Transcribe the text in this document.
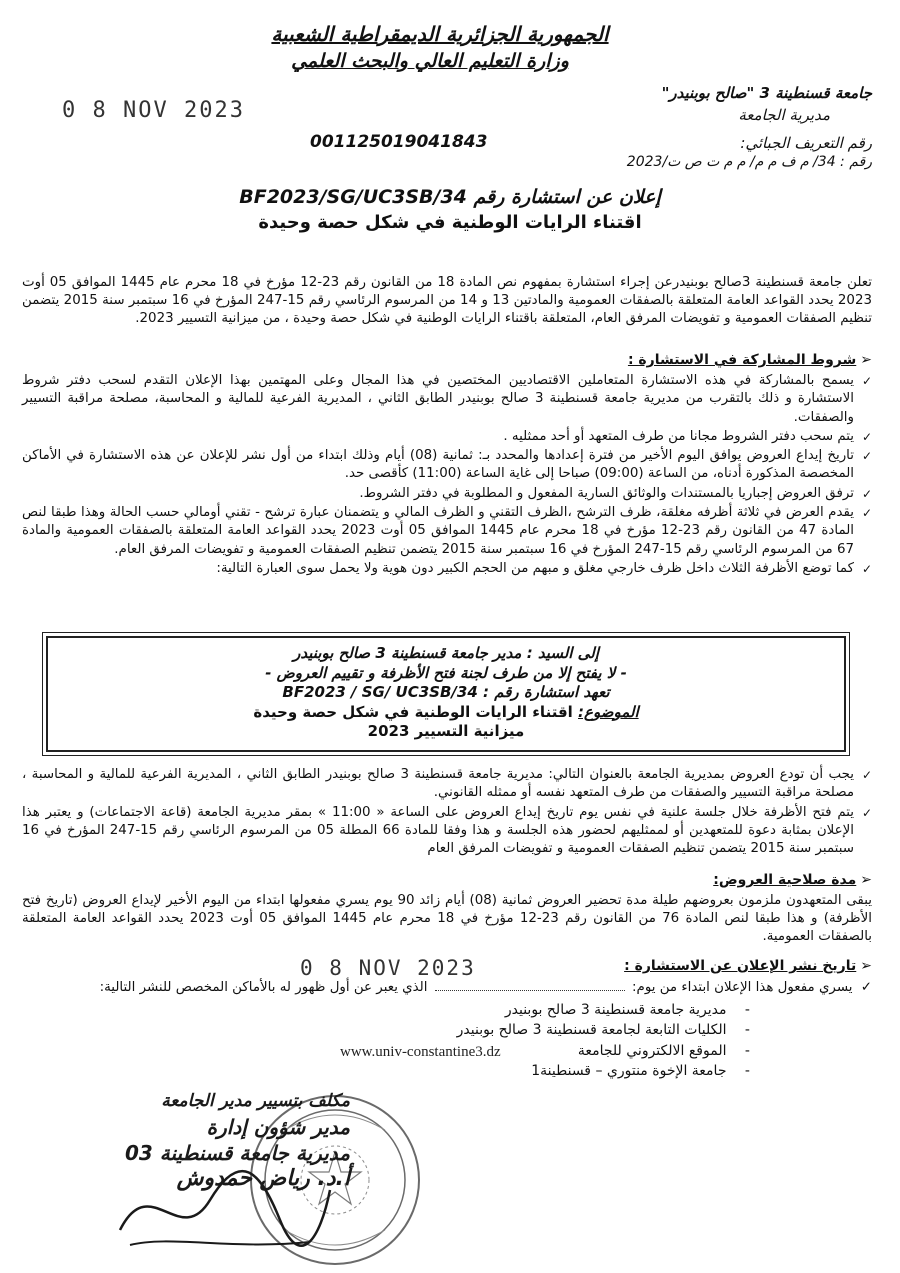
الجمهورية الجزائرية الديمقراطية الشعبية
وزارة التعليم العالي والبحث العلمي
جامعة قسنطينة 3 "صالح بوبنيدر"
مديرية الجامعة
0 8 NOV 2023
رقم التعريف الجبائي:
001125019041843
رقم : 34/ م ف م م/ م م ت ص ت/2023
إعلان عن استشارة رقم BF2023/SG/UC3SB/34
اقتناء الرايات الوطنية في شكل حصة وحيدة
تعلن جامعة قسنطينة 3صالح بوبنيدرعن إجراء استشارة بمفهوم نص المادة 18 من القانون رقم 23-12 مؤرخ في 18 محرم عام 1445 الموافق 05 أوت 2023 يحدد القواعد العامة المتعلقة بالصفقات العمومية والمادتين 13 و 14 من المرسوم الرئاسي رقم 15-247 المؤرخ في 16 سبتمبر سنة 2015 يتضمن تنظيم الصفقات العمومية و تفويضات المرفق العام، المتعلقة باقتناء الرايات الوطنية في شكل حصة وحيدة ، من ميزانية التسيير 2023.
➢ شروط المشاركة في الاستشارة :
✓ يسمح بالمشاركة في هذه الاستشارة المتعاملين الاقتصاديين المختصين في هذا المجال وعلى المهتمين بهذا الإعلان التقدم لسحب دفتر شروط الاستشارة و ذلك بالتقرب من مديرية جامعة قسنطينة 3 صالح بوبنيدر الطابق الثاني ، المديرية الفرعية للمالية و المحاسبة، مصلحة مراقبة التسيير والصفقات.
✓ يتم سحب دفتر الشروط مجانا من طرف المتعهد أو أحد ممثليه .
✓ تاريخ إيداع العروض يوافق اليوم الأخير من فترة إعدادها والمحدد بـ: ثمانية (08) أيام وذلك ابتداء من أول نشر للإعلان عن هذه الاستشارة في الأماكن المخصصة المذكورة أدناه، من الساعة (09:00) صباحا إلى غاية الساعة (11:00) كأقصى حد.
✓ ترفق العروض إجباريا بالمستندات والوثائق السارية المفعول و المطلوبة في دفتر الشروط.
✓ يقدم العرض في ثلاثة أظرفه مغلقة، ظرف الترشح ،الظرف التقني و الظرف المالي و يتضمنان عبارة ترشح - تقني أومالي حسب الحالة وهذا طبقا لنص المادة 47 من القانون رقم 23-12 مؤرخ في 18 محرم عام 1445 الموافق 05 أوت 2023 يحدد القواعد العامة المتعلقة بالصفقات العمومية والمادة 67 من المرسوم الرئاسي رقم 15-247 المؤرخ في 16 سبتمبر سنة 2015 يتضمن تنظيم الصفقات العمومية و تفويضات المرفق العام.
✓ كما توضع الأظرفة الثلاث داخل ظرف خارجي مغلق و مبهم من الحجم الكبير دون هوية ولا يحمل سوى العبارة التالية:
إلى السيد : مدير جامعة قسنطينة 3 صالح بوبنيدر
- لا يفتح إلا من طرف لجنة فتح الأظرفة و تقييم العروض -
تعهد استشارة رقم : BF2023 / SG/ UC3SB/34
الموضوع: اقتناء الرايات الوطنية في شكل حصة وحيدة
ميزانية التسيير 2023
✓ يجب أن تودع العروض بمديرية الجامعة بالعنوان التالي: مديرية جامعة قسنطينة 3 صالح بوبنيدر الطابق الثاني ، المديرية الفرعية للمالية و المحاسبة ، مصلحة مراقبة التسيير والصفقات من طرف المتعهد نفسه أو ممثله القانوني.
✓ يتم فتح الأظرفة خلال جلسة علنية في نفس يوم تاريخ إيداع العروض على الساعة « 11:00 » بمقر مديرية الجامعة (قاعة الاجتماعات) و يعتبر هذا الإعلان بمثابة دعوة للمتعهدين أو لممثليهم لحضور هذه الجلسة و هذا وفقا للمادة 66 المطلة 05 من المرسوم الرئاسي رقم 15-247 المؤرخ في 16 سبتمبر سنة 2015 يتضمن تنظيم الصفقات العمومية و تفويضات المرفق العام
➢ مدة صلاحية العروض:
يبقى المتعهدون ملزمون بعروضهم طيلة مدة تحضير العروض ثمانية (08) أيام زائد 90 يوم يسري مفعولها ابتداء من اليوم الأخير لإيداع العروض (تاريخ فتح الأظرفة) و هذا طبقا لنص المادة 76 من القانون رقم 23-12 مؤرخ في 18 محرم عام 1445 الموافق 05 أوت 2023 يحدد القواعد العامة المتعلقة بالصفقات العمومية.
➢ تاريخ نشر الإعلان عن الاستشارة :
0 8 NOV 2023
✓ يسري مفعول هذا الإعلان ابتداء من يوم:  الذي يعبر عن أول ظهور له بالأماكن المخصص للنشر التالية:
- مديرية جامعة قسنطينة 3 صالح بوبنيدر
- الكليات التابعة لجامعة قسنطينة 3 صالح بوبنيدر
- الموقع الالكتروني للجامعة
- جامعة الإخوة منتوري – قسنطينة1
www.univ-constantine3.dz
مكلف بتسيير مدير الجامعة
مدير شؤون إدارة
مديرية جامعة قسنطينة 03
أ.د. رياض حمدوش
